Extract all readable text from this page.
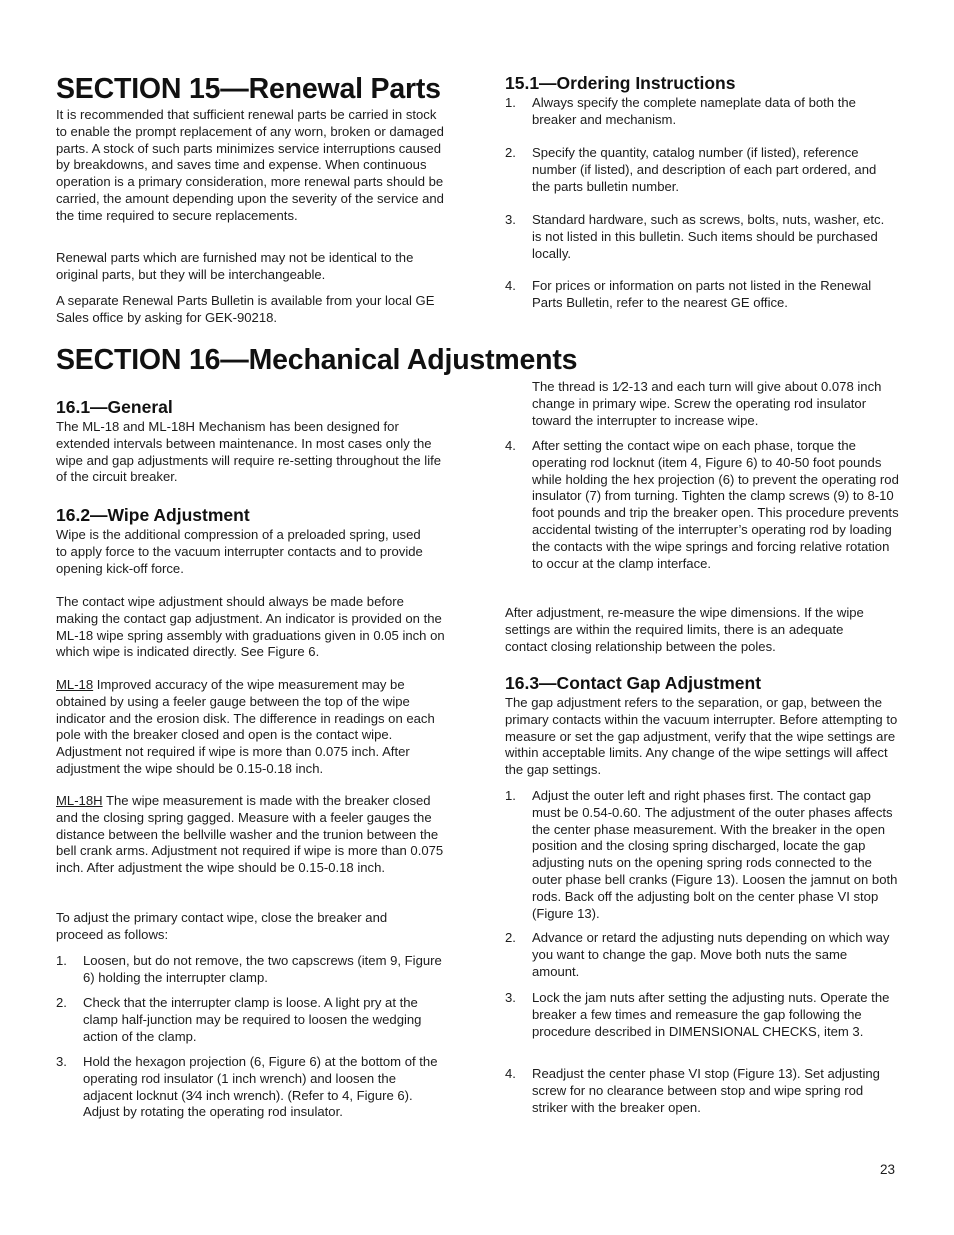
SECTION 15—Renewal Parts

It is recommended that sufficient renewal parts be carried in stock to enable the prompt replacement of any worn, broken or damaged parts. A stock of such parts minimizes service interruptions caused by breakdowns, and saves time and expense. When continuous operation is a primary consideration, more renewal parts should be carried, the amount depending upon the severity of the service and the time required to secure replacements.

Renewal parts which are furnished may not be identical to the original parts, but they will be interchangeable.

A separate Renewal Parts Bulletin is available from your local GE Sales office by asking for GEK-90218.

15.1—Ordering Instructions
1. Always specify the complete nameplate data of both the breaker and mechanism.
2. Specify the quantity, catalog number (if listed), reference number (if listed), and description of each part ordered, and the parts bulletin number.
3. Standard hardware, such as screws, bolts, nuts, washer, etc. is not listed in this bulletin. Such items should be purchased locally.
4. For prices or information on parts not listed in the Renewal Parts Bulletin, refer to the nearest GE office.
SECTION 16—Mechanical Adjustments
16.1—General

The ML-18 and ML-18H Mechanism has been designed for extended intervals between maintenance. In most cases only the wipe and gap adjustments will require re-setting throughout the life of the circuit breaker.

16.2—Wipe Adjustment

Wipe is the additional compression of a preloaded spring, used to apply force to the vacuum interrupter contacts and to provide opening kick-off force.

The contact wipe adjustment should always be made before making the contact gap adjustment. An indicator is provided on the ML-18 wipe spring assembly with graduations given in 0.05 inch on which wipe is indicated directly. See Figure 6.

ML-18 Improved accuracy of the wipe measurement may be obtained by using a feeler gauge between the top of the wipe indicator and the erosion disk. The difference in readings on each pole with the breaker closed and open is the contact wipe. Adjustment not required if wipe is more than 0.075 inch. After adjustment the wipe should be 0.15-0.18 inch.

ML-18H The wipe measurement is made with the breaker closed and the closing spring gagged. Measure with a feeler gauges the distance between the bellville washer and the trunion between the bell crank arms. Adjustment not required if wipe is more than 0.075 inch. After adjustment the wipe should be 0.15-0.18 inch.

To adjust the primary contact wipe, close the breaker and proceed as follows:

1. Loosen, but do not remove, the two capscrews (item 9, Figure 6) holding the interrupter clamp.
2. Check that the interrupter clamp is loose. A light pry at the clamp half-junction may be required to loosen the wedging action of the clamp.
3. Hold the hexagon projection (6, Figure 6) at the bottom of the operating rod insulator (1 inch wrench) and loosen the adjacent locknut (3⁄4 inch wrench). (Refer to 4, Figure 6). Adjust by rotating the operating rod insulator.

The thread is 1⁄2-13 and each turn will give about 0.078 inch change in primary wipe. Screw the operating rod insulator toward the interrupter to increase wipe.

4. After setting the contact wipe on each phase, torque the operating rod locknut (item 4, Figure 6) to 40-50 foot pounds while holding the hex projection (6) to prevent the operating rod insulator (7) from turning. Tighten the clamp screws (9) to 8-10 foot pounds and trip the breaker open. This procedure prevents accidental twisting of the interrupter’s operating rod by loading the contacts with the wipe springs and forcing relative rotation to occur at the clamp interface.

After adjustment, re-measure the wipe dimensions. If the wipe settings are within the required limits, there is an adequate contact closing relationship between the poles.

16.3—Contact Gap Adjustment

The gap adjustment refers to the separation, or gap, between the primary contacts within the vacuum interrupter. Before attempting to measure or set the gap adjustment, verify that the wipe settings are within acceptable limits. Any change of the wipe settings will affect the gap settings.

1. Adjust the outer left and right phases first. The contact gap must be 0.54-0.60. The adjustment of the outer phases affects the center phase measurement. With the breaker in the open position and the closing spring discharged, locate the gap adjusting nuts on the opening spring rods connected to the outer phase bell cranks (Figure 13). Loosen the jamnut on both rods. Back off the adjusting bolt on the center phase VI stop (Figure 13).
2. Advance or retard the adjusting nuts depending on which way you want to change the gap. Move both nuts the same amount.
3. Lock the jam nuts after setting the adjusting nuts. Operate the breaker a few times and remeasure the gap following the procedure described in DIMENSIONAL CHECKS, item 3.
4. Readjust the center phase VI stop (Figure 13). Set adjusting screw for no clearance between stop and wipe spring rod striker with the breaker open.
23
